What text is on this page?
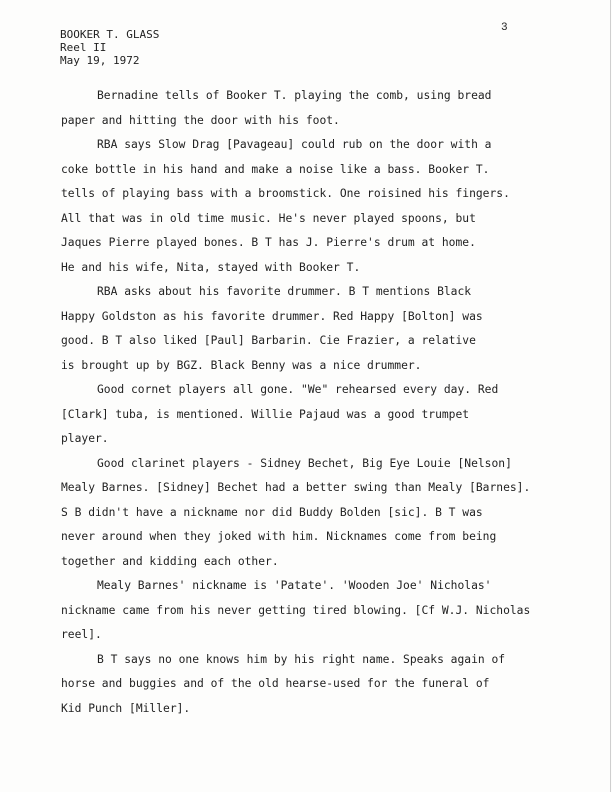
3
BOOKER T. GLASS
Reel II
May 19, 1972
Bernadine tells of Booker T. playing the comb, using bread
paper and hitting the door with his foot.
RBA says Slow Drag [Pavageau] could rub on the door with a
coke bottle in his hand and make a noise like a bass. Booker T.
tells of playing bass with a broomstick. One roisined his fingers.
All that was in old time music. He's never played spoons, but
Jaques Pierre played bones. B T has J. Pierre's drum at home.
He and his wife, Nita, stayed with Booker T.
RBA asks about his favorite drummer. B T mentions Black
Happy Goldston as his favorite drummer. Red Happy [Bolton] was
good. B T also liked [Paul] Barbarin. Cie Frazier, a relative
is brought up by BGZ. Black Benny was a nice drummer.
Good cornet players all gone. "We" rehearsed every day. Red
[Clark] tuba, is mentioned. Willie Pajaud was a good trumpet
player.
Good clarinet players - Sidney Bechet, Big Eye Louie [Nelson]
Mealy Barnes. [Sidney] Bechet had a better swing than Mealy [Barnes].
S B didn't have a nickname nor did Buddy Bolden [sic]. B T was
never around when they joked with him. Nicknames come from being
together and kidding each other.
Mealy Barnes' nickname is 'Patate'. 'Wooden Joe' Nicholas'
nickname came from his never getting tired blowing. [Cf W.J. Nicholas
reel].
B T says no one knows him by his right name. Speaks again of
horse and buggies and of the old hearse-used for the funeral of
Kid Punch [Miller].
